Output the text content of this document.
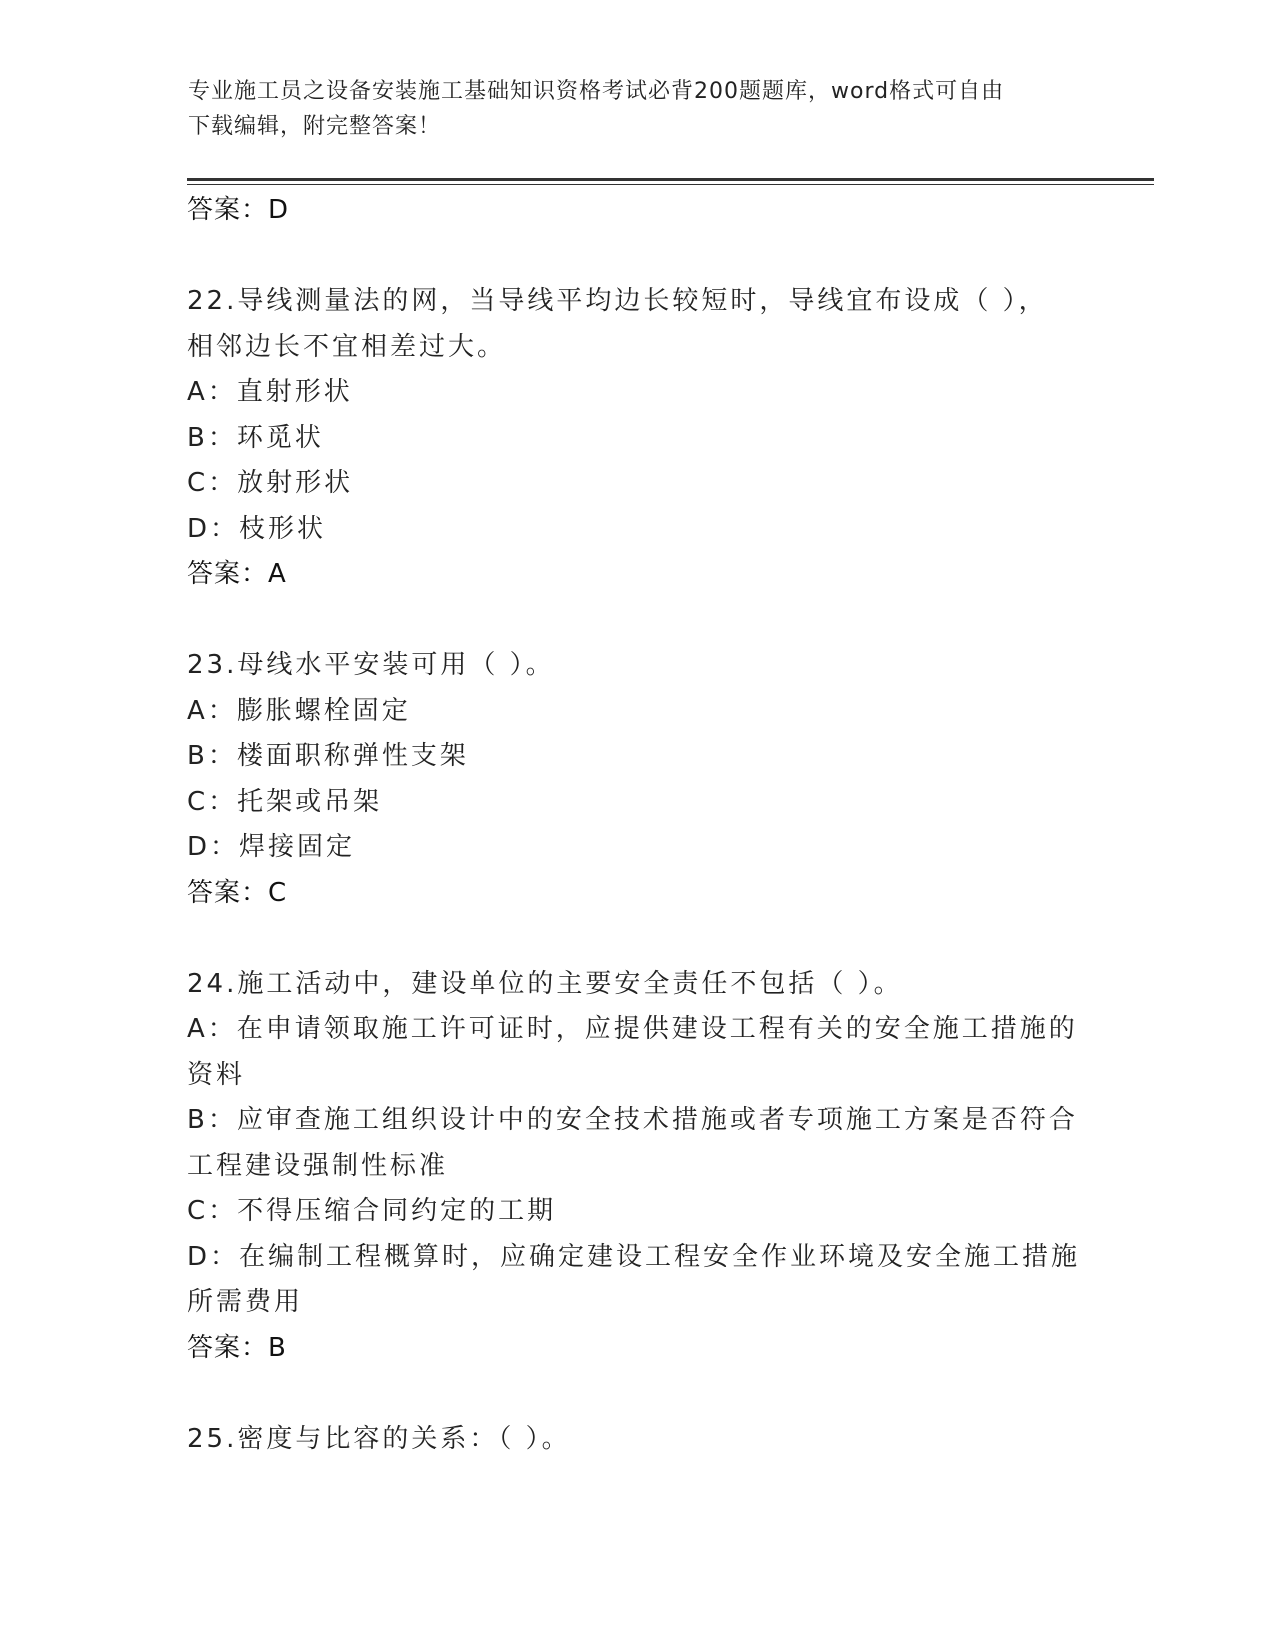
专业施工员之设备安装施工基础知识资格考试必背200题题库，word格式可自由
下载编辑，附完整答案！
答案：D
22.导线测量法的网，当导线平均边长较短时，导线宜布设成（ ），
相邻边长不宜相差过大。
A：直射形状
B：环觅状
C：放射形状
D：枝形状
答案：A
23.母线水平安装可用（ ）。
A：膨胀螺栓固定
B：楼面职称弹性支架
C：托架或吊架
D：焊接固定
答案：C
24.施工活动中，建设单位的主要安全责任不包括（ ）。
A：在申请领取施工许可证时，应提供建设工程有关的安全施工措施的
资料
B：应审查施工组织设计中的安全技术措施或者专项施工方案是否符合
工程建设强制性标准
C：不得压缩合同约定的工期
D：在编制工程概算时，应确定建设工程安全作业环境及安全施工措施
所需费用
答案：B
25.密度与比容的关系：（ ）。
